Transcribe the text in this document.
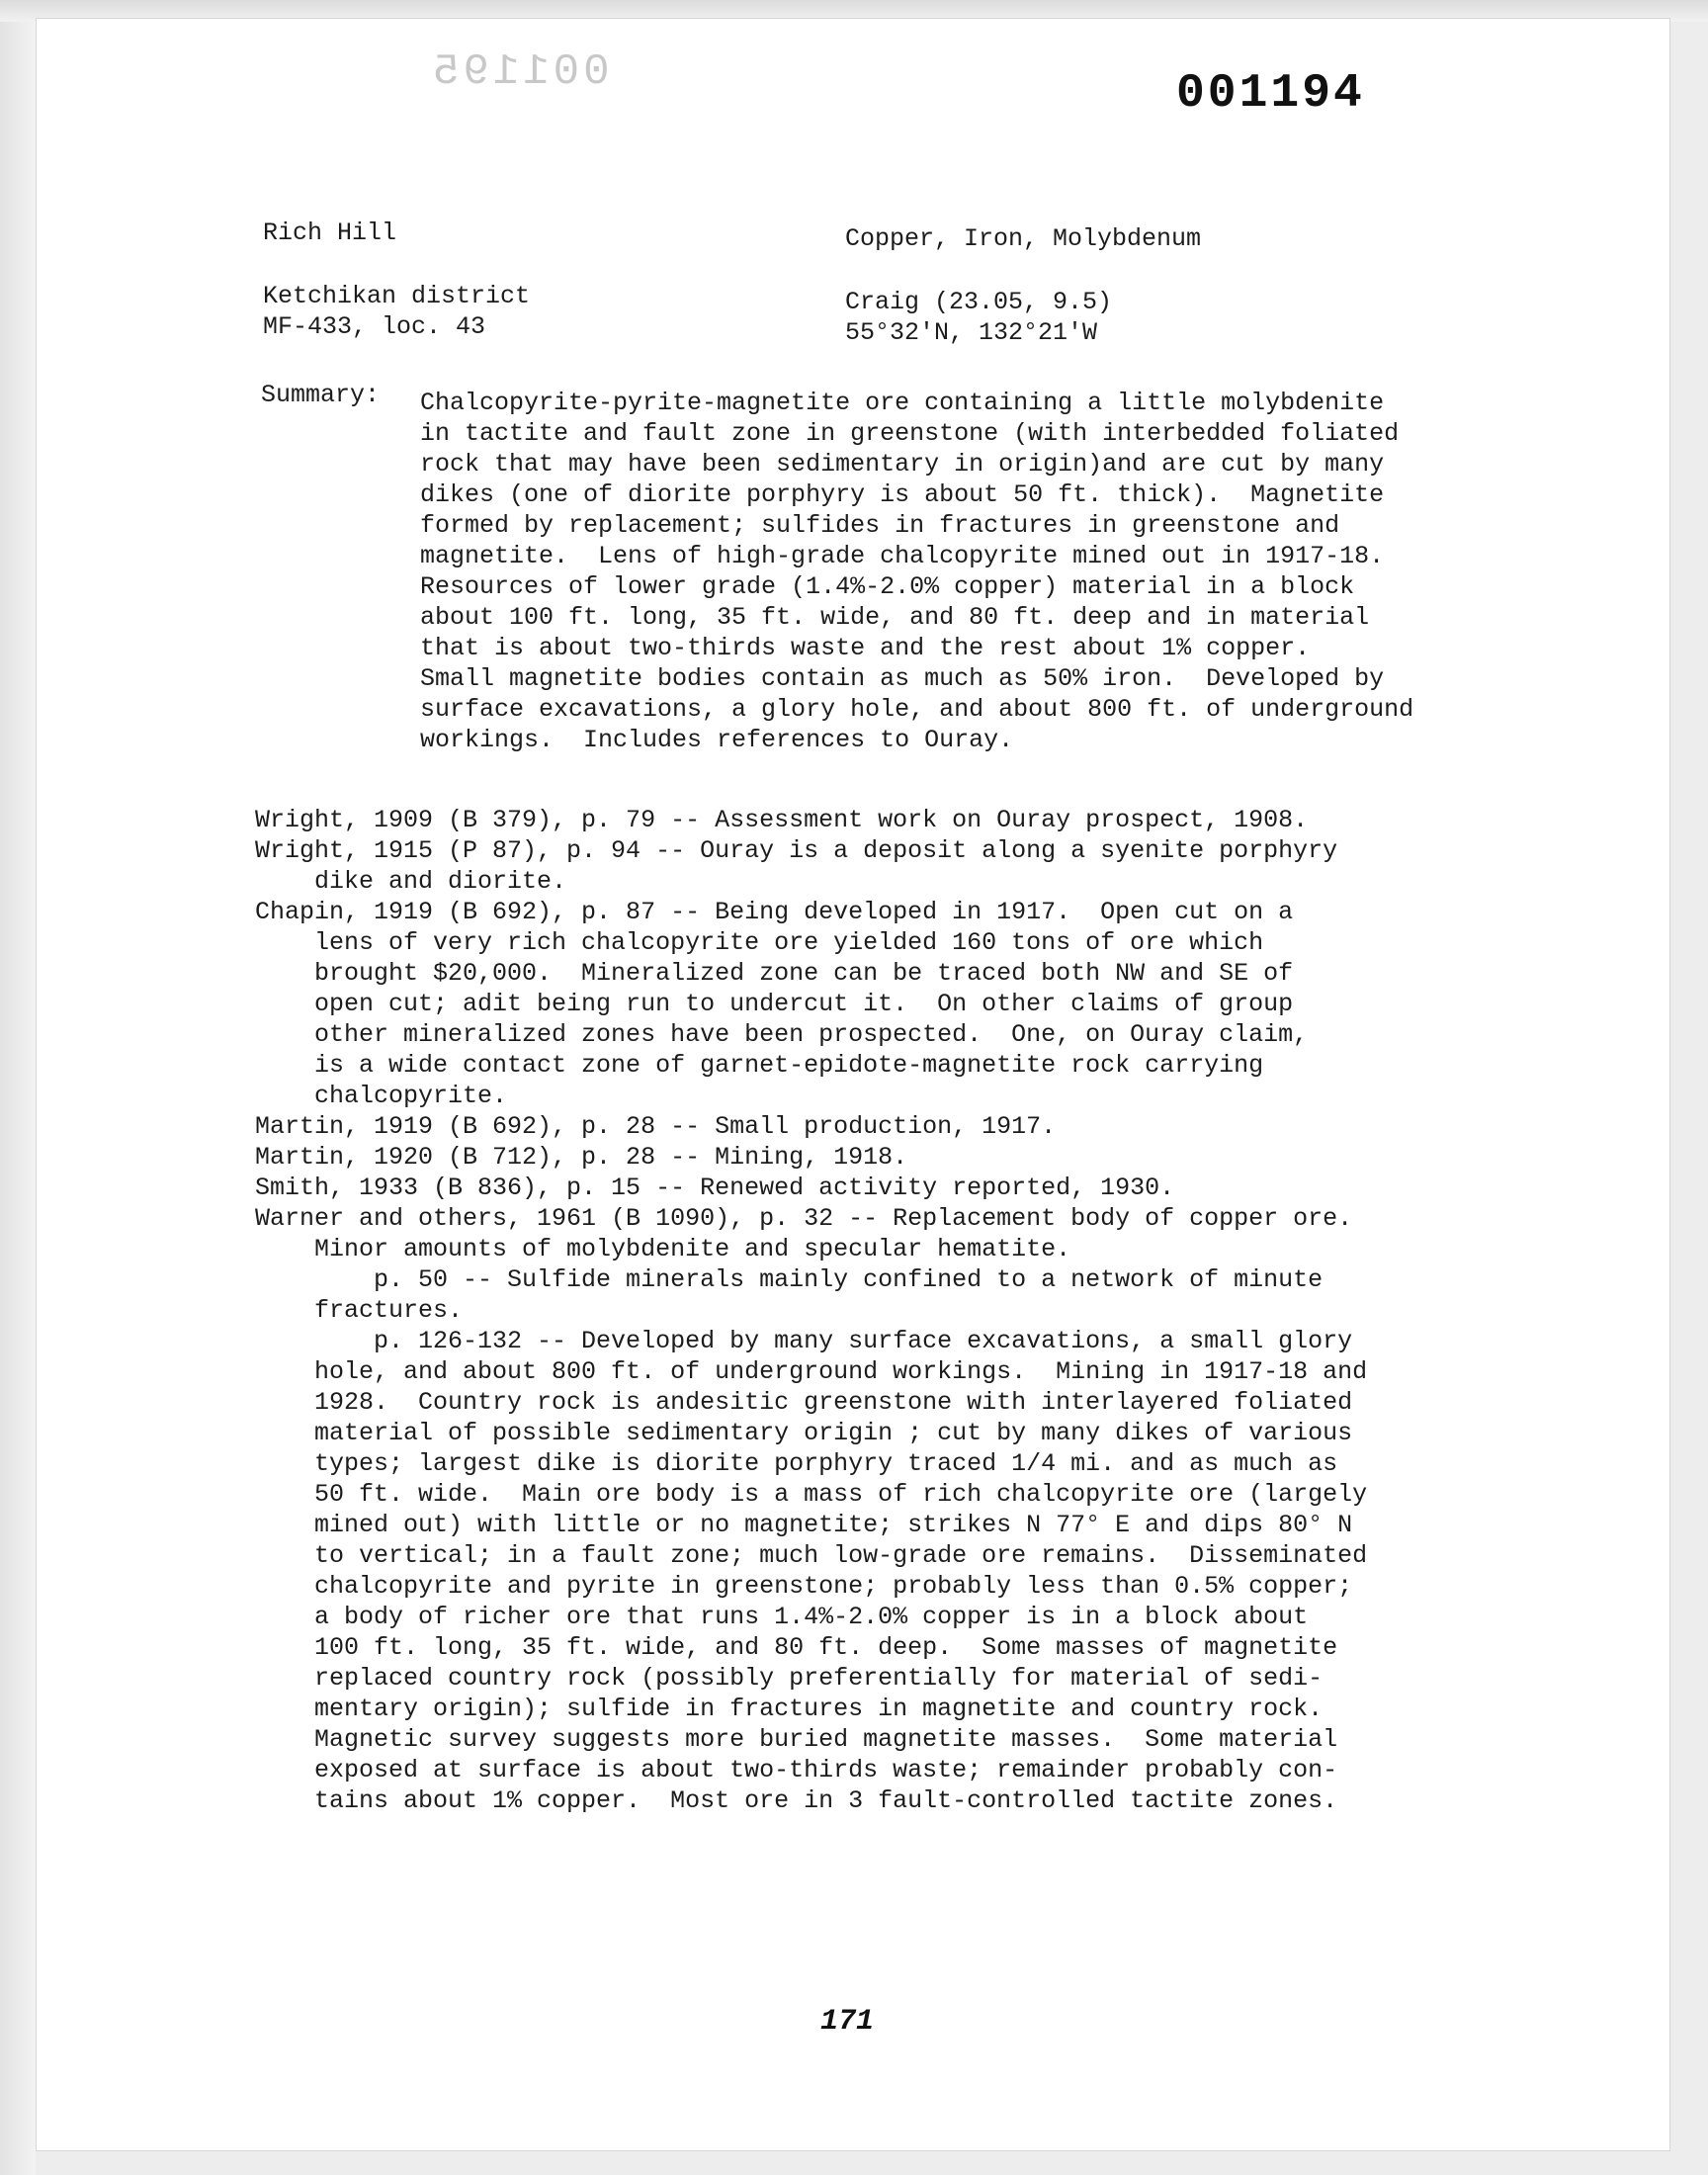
001195	001194
Rich Hill	Copper, Iron, Molybdenum
Ketchikan district
MF-433, loc. 43
Craig (23.05, 9.5)
55°32'N, 132°21'W
Summary: Chalcopyrite-pyrite-magnetite ore containing a little molybdenite
in tactite and fault zone in greenstone (with interbedded foliated
rock that may have been sedimentary in origin)and are cut by many
dikes (one of diorite porphyry is about 50 ft. thick).  Magnetite
formed by replacement; sulfides in fractures in greenstone and
magnetite.  Lens of high-grade chalcopyrite mined out in 1917-18.
Resources of lower grade (1.4%-2.0% copper) material in a block
about 100 ft. long, 35 ft. wide, and 80 ft. deep and in material
that is about two-thirds waste and the rest about 1% copper.
Small magnetite bodies contain as much as 50% iron.  Developed by
surface excavations, a glory hole, and about 800 ft. of underground
workings.  Includes references to Ouray.
Wright, 1909 (B 379), p. 79 -- Assessment work on Ouray prospect, 1908.
Wright, 1915 (P 87), p. 94 -- Ouray is a deposit along a syenite porphyry
dike and diorite.
Chapin, 1919 (B 692), p. 87 -- Being developed in 1917.  Open cut on a
lens of very rich chalcopyrite ore yielded 160 tons of ore which
brought $20,000.  Mineralized zone can be traced both NW and SE of
open cut; adit being run to undercut it.  On other claims of group
other mineralized zones have been prospected.  One, on Ouray claim,
is a wide contact zone of garnet-epidote-magnetite rock carrying
chalcopyrite.
Martin, 1919 (B 692), p. 28 -- Small production, 1917.
Martin, 1920 (B 712), p. 28 -- Mining, 1918.
Smith, 1933 (B 836), p. 15 -- Renewed activity reported, 1930.
Warner and others, 1961 (B 1090), p. 32 -- Replacement body of copper ore.
Minor amounts of molybdenite and specular hematite.
p. 50 -- Sulfide minerals mainly confined to a network of minute
fractures.
p. 126-132 -- Developed by many surface excavations, a small glory
hole, and about 800 ft. of underground workings.  Mining in 1917-18 and
1928.  Country rock is andesitic greenstone with interlayered foliated
material of possible sedimentary origin ; cut by many dikes of various
types; largest dike is diorite porphyry traced 1/4 mi. and as much as
50 ft. wide.  Main ore body is a mass of rich chalcopyrite ore (largely
mined out) with little or no magnetite; strikes N 77° E and dips 80° N
to vertical; in a fault zone; much low-grade ore remains.  Disseminated
chalcopyrite and pyrite in greenstone; probably less than 0.5% copper;
a body of richer ore that runs 1.4%-2.0% copper is in a block about
100 ft. long, 35 ft. wide, and 80 ft. deep.  Some masses of magnetite
replaced country rock (possibly preferentially for material of sedi-
mentary origin); sulfide in fractures in magnetite and country rock.
Magnetic survey suggests more buried magnetite masses.  Some material
exposed at surface is about two-thirds waste; remainder probably con-
tains about 1% copper.  Most ore in 3 fault-controlled tactite zones.
171
